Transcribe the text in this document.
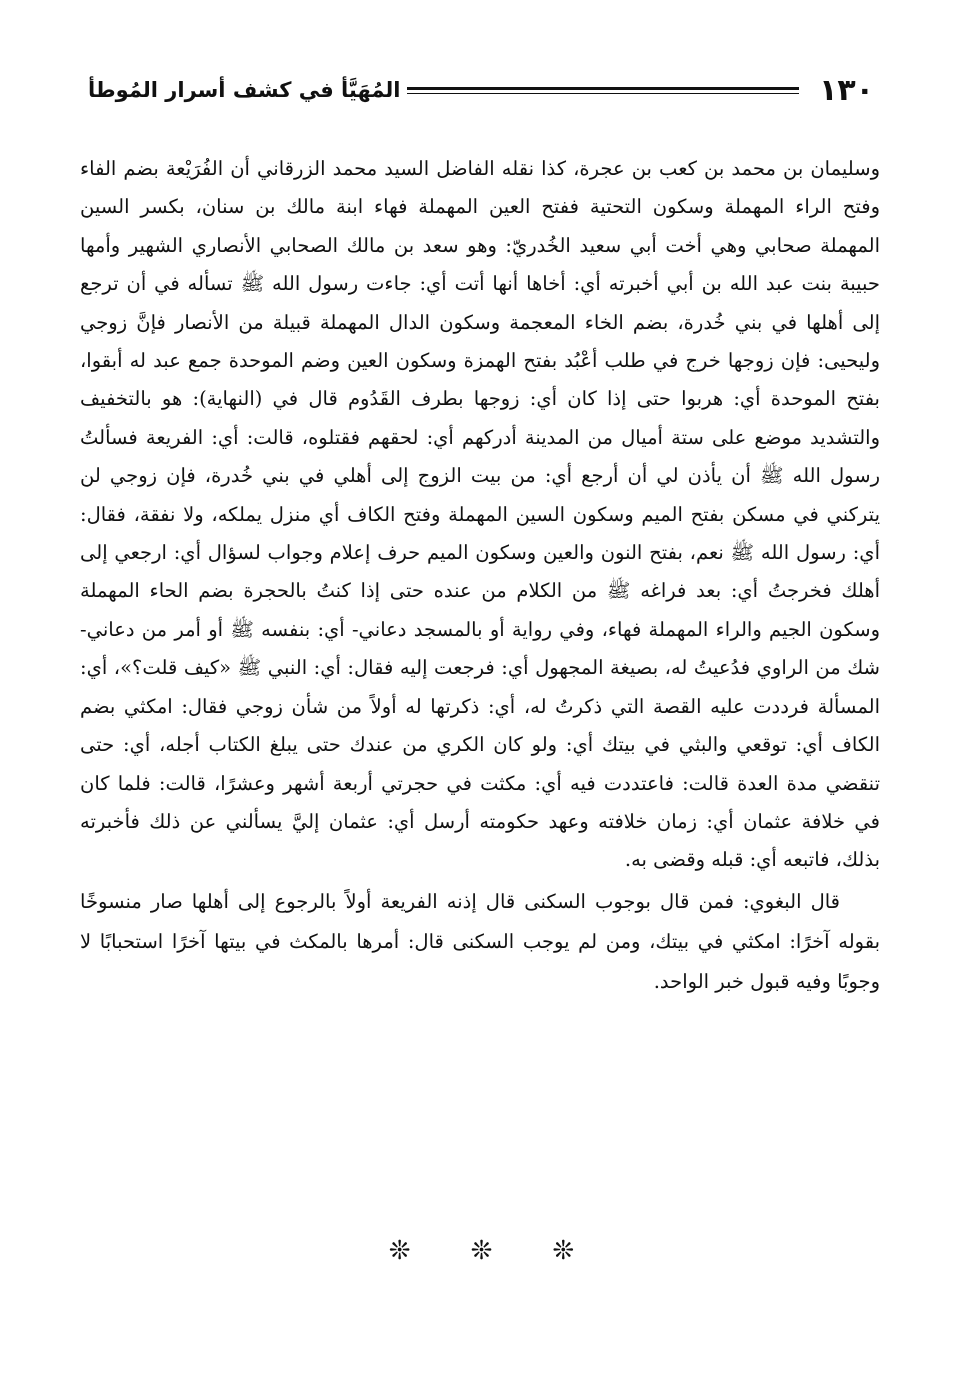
١٣٠
المُهَيَّأ في كشف أسرار المُوطأ

وسليمان بن محمد بن كعب بن عجرة، كذا نقله الفاضل السيد محمد الزرقاني أن الفُرَيْعة بضم الفاء وفتح الراء المهملة وسكون التحتية ففتح العين المهملة فهاء ابنة مالك بن سنان، بكسر السين المهملة صحابي وهي أخت أبي سعيد الخُدريّ: وهو سعد بن مالك الصحابي الأنصاري الشهير وأمها حبيبة بنت عبد الله بن أبي أخبرته أي: أخاها أنها أتت أي: جاءت رسول الله ﷺ تسأله في أن ترجع إلى أهلها في بني خُدرة، بضم الخاء المعجمة وسكون الدال المهملة قبيلة من الأنصار فإنَّ زوجي وليحيى: فإن زوجها خرج في طلب أعْبُد بفتح الهمزة وسكون العين وضم الموحدة جمع عبد له أبقوا، بفتح الموحدة أي: هربوا حتى إذا كان أي: زوجها بطرف القَدُوم قال في (النهاية): هو بالتخفيف والتشديد موضع على ستة أميال من المدينة أدركهم أي: لحقهم فقتلوه، قالت: أي: الفريعة فسألتُ رسول الله ﷺ أن يأذن لي أن أرجع أي: من بيت الزوج إلى أهلي في بني خُدرة، فإن زوجي لن يتركني في مسكن بفتح الميم وسكون السين المهملة وفتح الكاف أي منزل يملكه، ولا نفقة، فقال: أي: رسول الله ﷺ نعم، بفتح النون والعين وسكون الميم حرف إعلام وجواب لسؤال أي: ارجعي إلى أهلك فخرجتُ أي: بعد فراغه ﷺ من الكلام من عنده حتى إذا كنتُ بالحجرة بضم الحاء المهملة وسكون الجيم والراء المهملة فهاء، وفي رواية أو بالمسجد دعاني- أي: بنفسه ﷺ أو أمر من دعاني- شك من الراوي فدُعيتُ له، بصيغة المجهول أي: فرجعت إليه فقال: أي: النبي ﷺ «كيف قلت؟»، أي: المسألة فرددت عليه القصة التي ذكرتُ له، أي: ذكرتها له أولاً من شأن زوجي فقال: امكثي بضم الكاف أي: توقعي والبثي في بيتك أي: ولو كان الكري من عندك حتى يبلغ الكتاب أجله، أي: حتى تنقضي مدة العدة قالت: فاعتددت فيه أي: مكثت في حجرتي أربعة أشهر وعشرًا، قالت: فلما كان في خلافة عثمان أي: زمان خلافته وعهد حكومته أرسل أي: عثمان إليَّ يسألني عن ذلك فأخبرته بذلك، فاتبعه أي: قبله وقضى به.

قال البغوي: فمن قال بوجوب السكنى قال إذنه الفريعة أولاً بالرجوع إلى أهلها صار منسوخًا بقوله آخرًا: امكثي في بيتك، ومن لم يوجب السكنى قال: أمرها بالمكث في بيتها آخرًا استحبابًا لا وجوبًا وفيه قبول خبر الواحد.

❊❊❊
